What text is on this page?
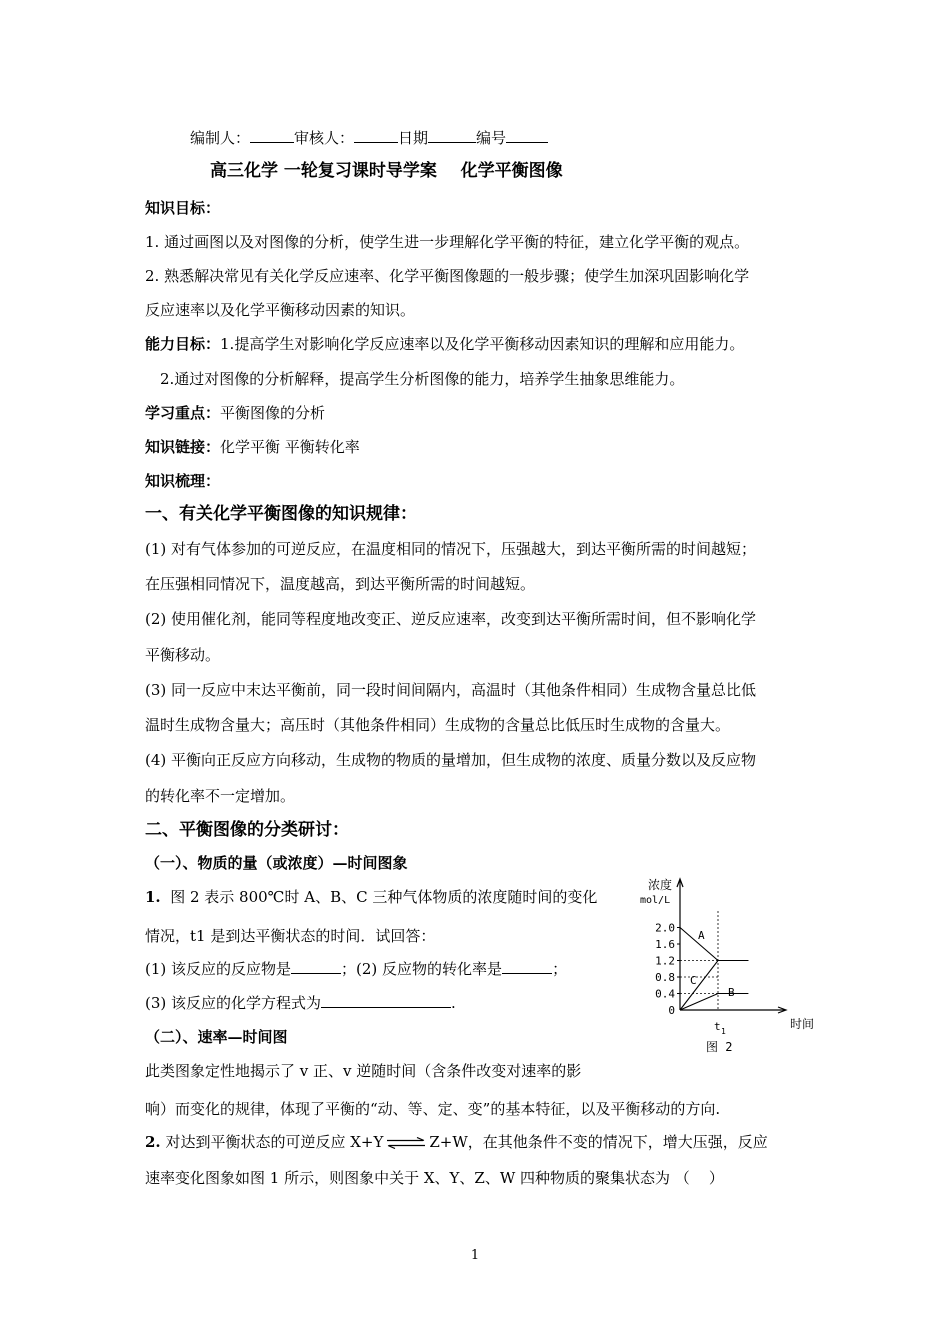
编制人：	审核人：	日期	编号
高三化学 一轮复习课时导学案    化学平衡图像
知识目标：
1. 通过画图以及对图像的分析，使学生进一步理解化学平衡的特征，建立化学平衡的观点。
2. 熟悉解决常见有关化学反应速率、化学平衡图像题的一般步骤；使学生加深巩固影响化学
反应速率以及化学平衡移动因素的知识。
能力目标：1.提高学生对影响化学反应速率以及化学平衡移动因素知识的理解和应用能力。
2.通过对图像的分析解释，提高学生分析图像的能力，培养学生抽象思维能力。
学习重点：平衡图像的分析
知识链接：化学平衡 平衡转化率
知识梳理：
一、有关化学平衡图像的知识规律：
(1) 对有气体参加的可逆反应，在温度相同的情况下，压强越大，到达平衡所需的时间越短；
在压强相同情况下，温度越高，到达平衡所需的时间越短。
(2) 使用催化剂，能同等程度地改变正、逆反应速率，改变到达平衡所需时间，但不影响化学
平衡移动。
(3) 同一反应中末达平衡前，同一段时间间隔内，高温时（其他条件相同）生成物含量总比低
温时生成物含量大；高压时（其他条件相同）生成物的含量总比低压时生成物的含量大。
(4) 平衡向正反应方向移动，生成物的物质的量增加，但生成物的浓度、质量分数以及反应物
的转化率不一定增加。
二、平衡图像的分类研讨：
（一）、物质的量（或浓度）—时间图象
1.  图 2 表示 800℃时 A、B、C 三种气体物质的浓度随时间的变化
情况，t1 是到达平衡状态的时间．试回答：
(1) 该反应的反应物是	；(2) 反应物的转化率是	；
(3) 该反应的化学方程式为	.
（二）、速率—时间图
此类图象定性地揭示了 v 正、v 逆随时间（含条件改变对速率的影
响）而变化的规律，体现了平衡的“动、等、定、变”的基本特征，以及平衡移动的方向.
2. 对达到平衡状态的可逆反应 X+Y ⇌ Z+W，在其他条件不变的情况下，增大压强，反应
速率变化图象如图 1 所示，则图象中关于 X、Y、Z、W 四种物质的聚集状态为 （    ）
浓度
mol/L
0
0.4
0.8
1.2
1.6
2.0
t 1
时间
A
B
C
图 2
1
